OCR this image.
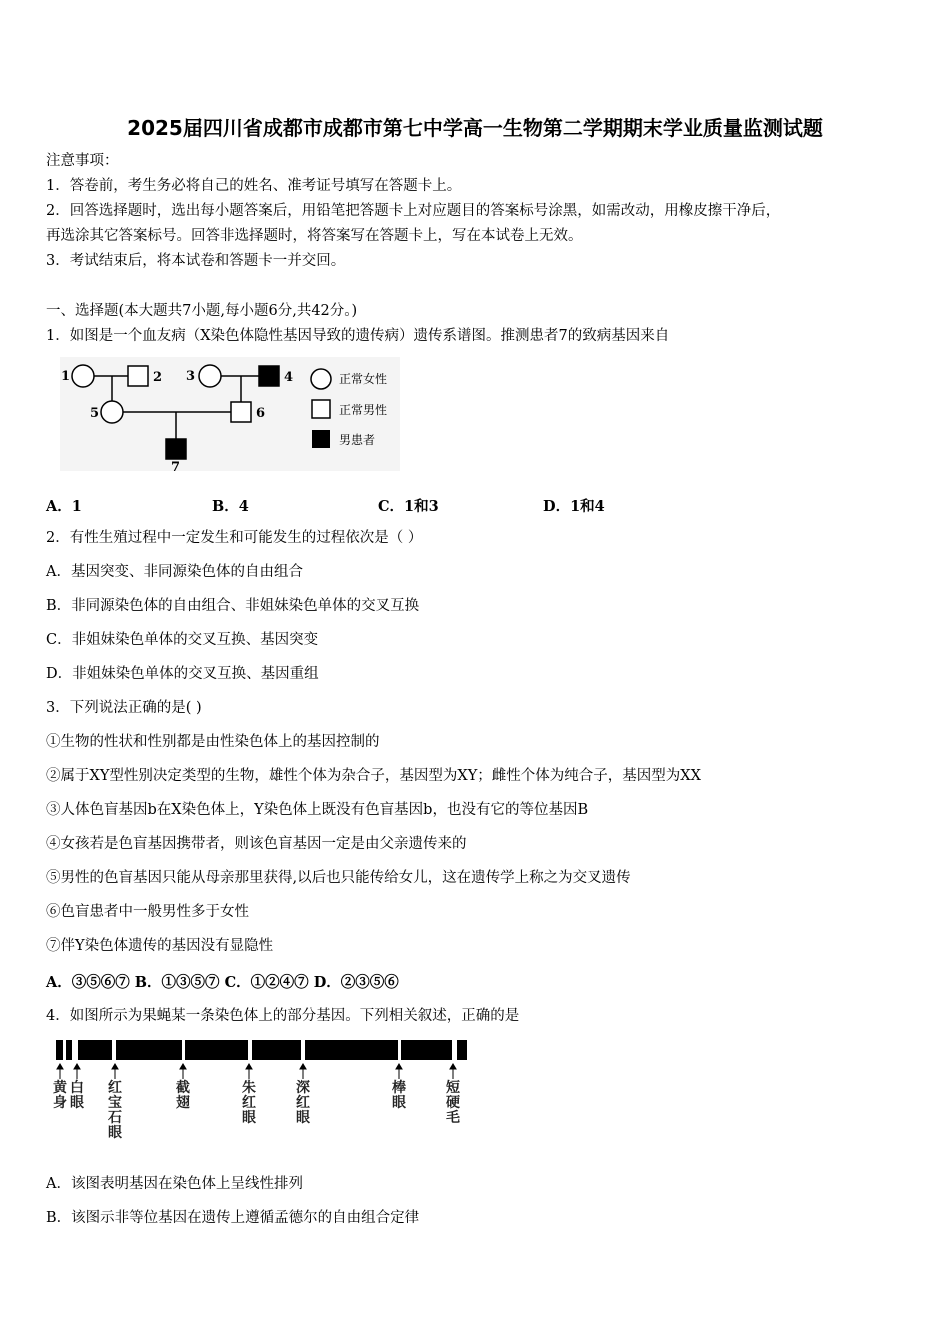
2025届四川省成都市成都市第七中学高一生物第二学期期末学业质量监测试题
注意事项：
1．答卷前，考生务必将自己的姓名、准考证号填写在答题卡上。
2．回答选择题时，选出每小题答案后，用铅笔把答题卡上对应题目的答案标号涂黑，如需改动，用橡皮擦干净后，
再选涂其它答案标号。回答非选择题时，将答案写在答题卡上，写在本试卷上无效。
3．考试结束后，将本试卷和答题卡一并交回。
一、选择题(本大题共7小题,每小题6分,共42分。)
1．如图是一个血友病（X染色体隐性基因导致的遗传病）遗传系谱图。推测患者7的致病基因来自
1	2 3	4
5	6
7
正常女性
正常男性
男患者
A．1	B．4	C．1和3	D．1和4
2．有性生殖过程中一定发生和可能发生的过程依次是（ ）
A．基因突变、非同源染色体的自由组合
B．非同源染色体的自由组合、非姐妹染色单体的交叉互换
C．非姐妹染色单体的交叉互换、基因突变
D．非姐妹染色单体的交叉互换、基因重组
3．下列说法正确的是( )
①生物的性状和性别都是由性染色体上的基因控制的
②属于XY型性别决定类型的生物，雄性个体为杂合子，基因型为XY；雌性个体为纯合子，基因型为XX
③人体色盲基因b在X染色体上，Y染色体上既没有色盲基因b，也没有它的等位基因B
④女孩若是色盲基因携带者，则该色盲基因一定是由父亲遗传来的
⑤男性的色盲基因只能从母亲那里获得,以后也只能传给女儿，这在遗传学上称之为交叉遗传
⑥色盲患者中一般男性多于女性
⑦伴Y染色体遗传的基因没有显隐性
A．③⑤⑥⑦ B．①③⑤⑦ C．①②④⑦ D．②③⑤⑥
4．如图所示为果蝇某一条染色体上的部分基因。下列相关叙述，正确的是
黄身
白眼
红宝石眼
截翅
朱红眼
深红眼
棒眼
短硬毛
A．该图表明基因在染色体上呈线性排列
B．该图示非等位基因在遗传上遵循孟德尔的自由组合定律
